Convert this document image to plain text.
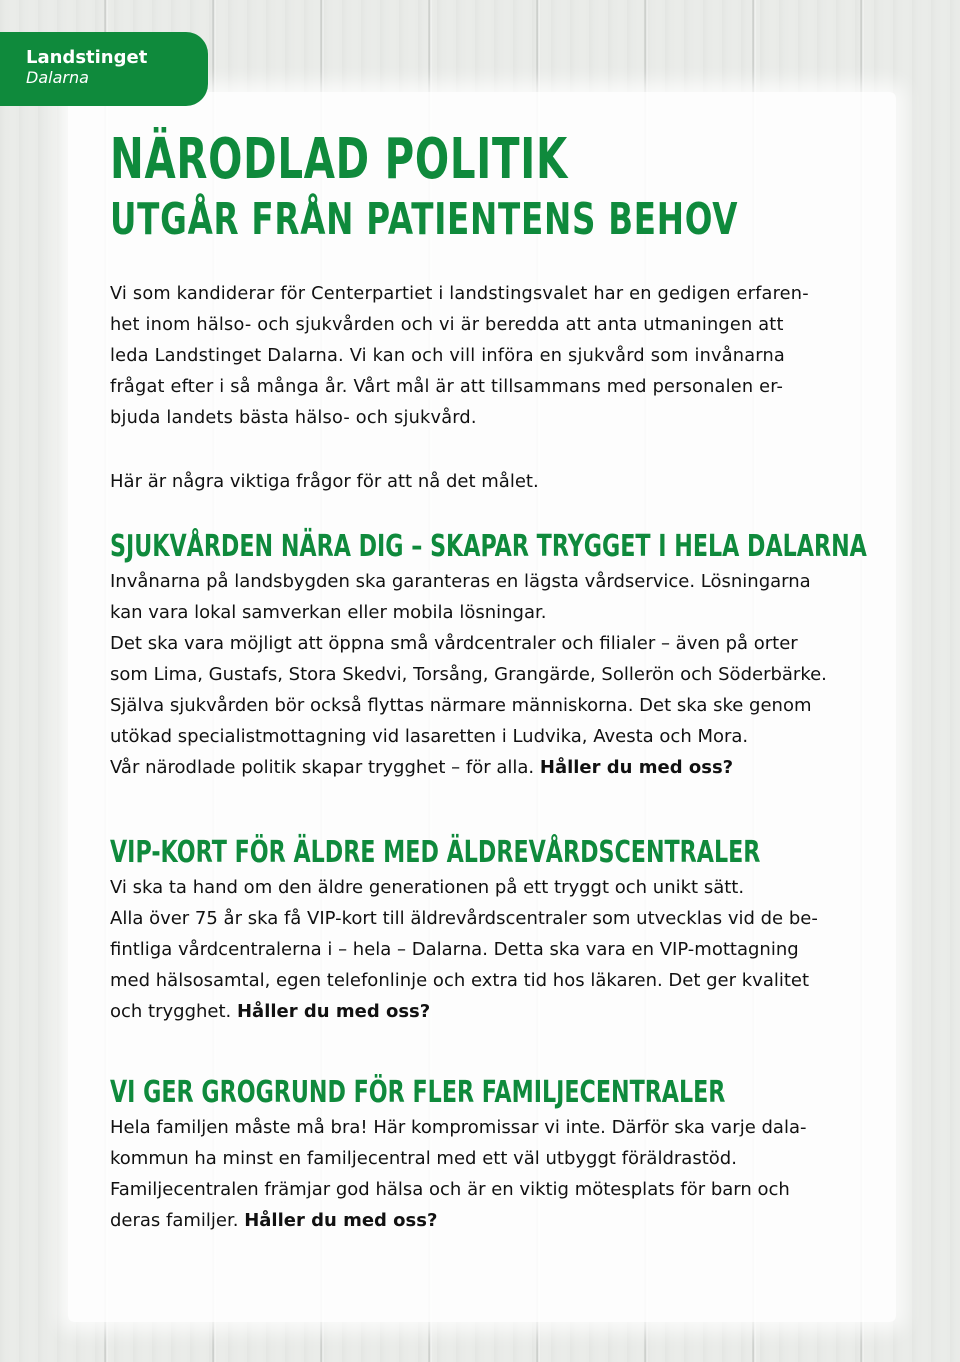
Landstinget
Dalarna
NÄRODLAD POLITIK
UTGÅR FRÅN PATIENTENS BEHOV

Vi som kandiderar för Centerpartiet i landstingsvalet har en gedigen erfaren-
het inom hälso- och sjukvården och vi är beredda att anta utmaningen att
leda Landstinget Dalarna. Vi kan och vill införa en sjukvård som invånarna
frågat efter i så många år. Vårt mål är att tillsammans med personalen er-
bjuda landets bästa hälso- och sjukvård.

Här är några viktiga frågor för att nå det målet.

SJUKVÅRDEN NÄRA DIG – SKAPAR TRYGGET I HELA DALARNA

Invånarna på landsbygden ska garanteras en lägsta vårdservice. Lösningarna
kan vara lokal samverkan eller mobila lösningar.
Det ska vara möjligt att öppna små vårdcentraler och filialer – även på orter
som Lima, Gustafs, Stora Skedvi, Torsång, Grangärde, Sollerön och Söderbärke.
Själva sjukvården bör också flyttas närmare människorna. Det ska ske genom
utökad specialistmottagning vid lasaretten i Ludvika, Avesta och Mora.
Vår närodlade politik skapar trygghet – för alla. Håller du med oss?

VIP-KORT FÖR ÄLDRE MED ÄLDREVÅRDSCENTRALER

Vi ska ta hand om den äldre generationen på ett tryggt och unikt sätt.
Alla över 75 år ska få VIP-kort till äldrevårdscentraler som utvecklas vid de be-
fintliga vårdcentralerna i – hela – Dalarna. Detta ska vara en VIP-mottagning
med hälsosamtal, egen telefonlinje och extra tid hos läkaren. Det ger kvalitet
och trygghet. Håller du med oss?

VI GER GROGRUND FÖR FLER FAMILJECENTRALER

Hela familjen måste må bra! Här kompromissar vi inte. Därför ska varje dala-
kommun ha minst en familjecentral med ett väl utbyggt föräldrastöd.
Familjecentralen främjar god hälsa och är en viktig mötesplats för barn och
deras familjer. Håller du med oss?
